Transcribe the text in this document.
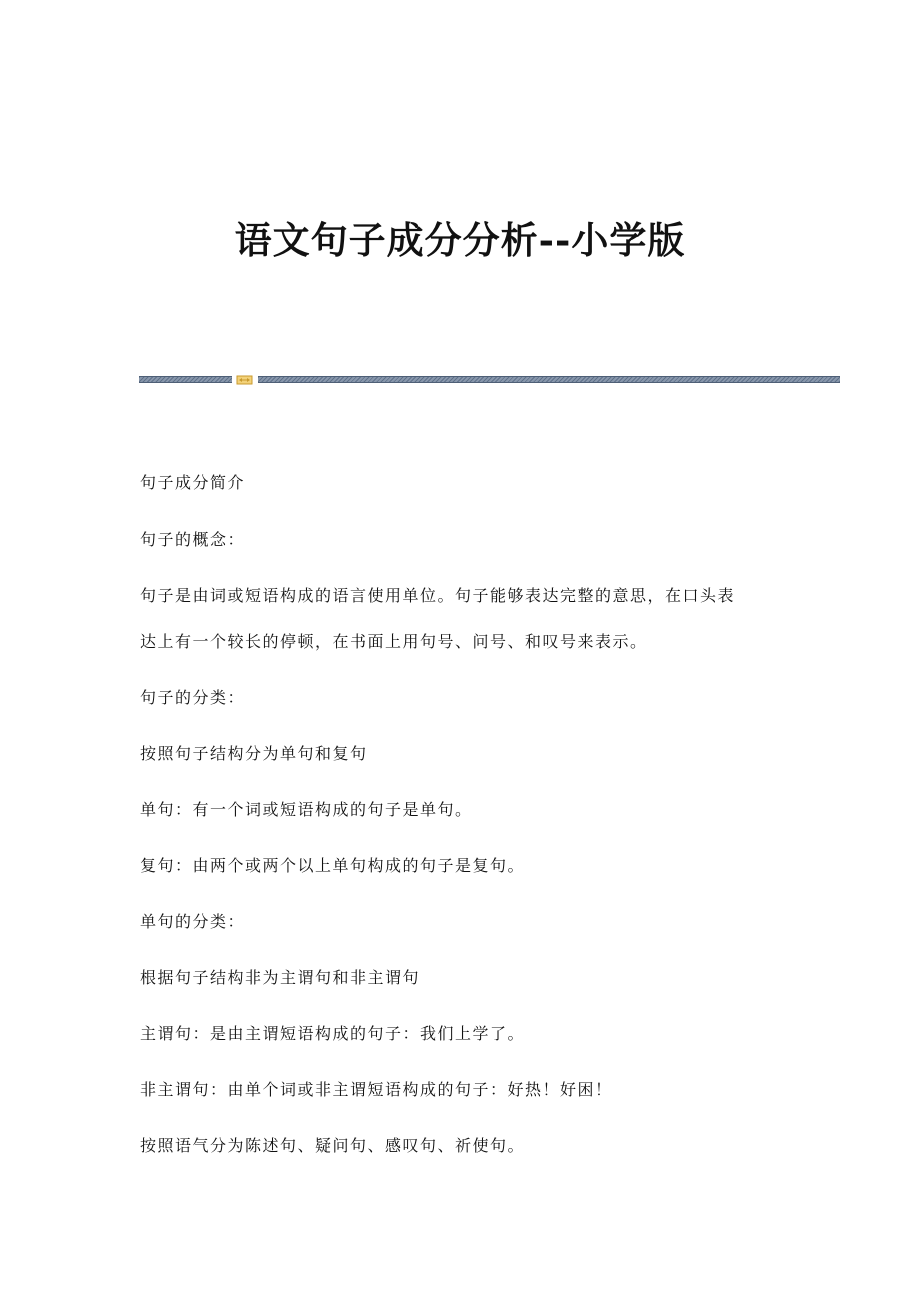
语文句子成分分析--小学版
句子成分简介
句子的概念：
句子是由词或短语构成的语言使用单位。句子能够表达完整的意思，在口头表
达上有一个较长的停顿，在书面上用句号、问号、和叹号来表示。
句子的分类：
按照句子结构分为单句和复句
单句：有一个词或短语构成的句子是单句。
复句：由两个或两个以上单句构成的句子是复句。
单句的分类：
根据句子结构非为主谓句和非主谓句
主谓句：是由主谓短语构成的句子：我们上学了。
非主谓句：由单个词或非主谓短语构成的句子：好热！好困！
按照语气分为陈述句、疑问句、感叹句、祈使句。
